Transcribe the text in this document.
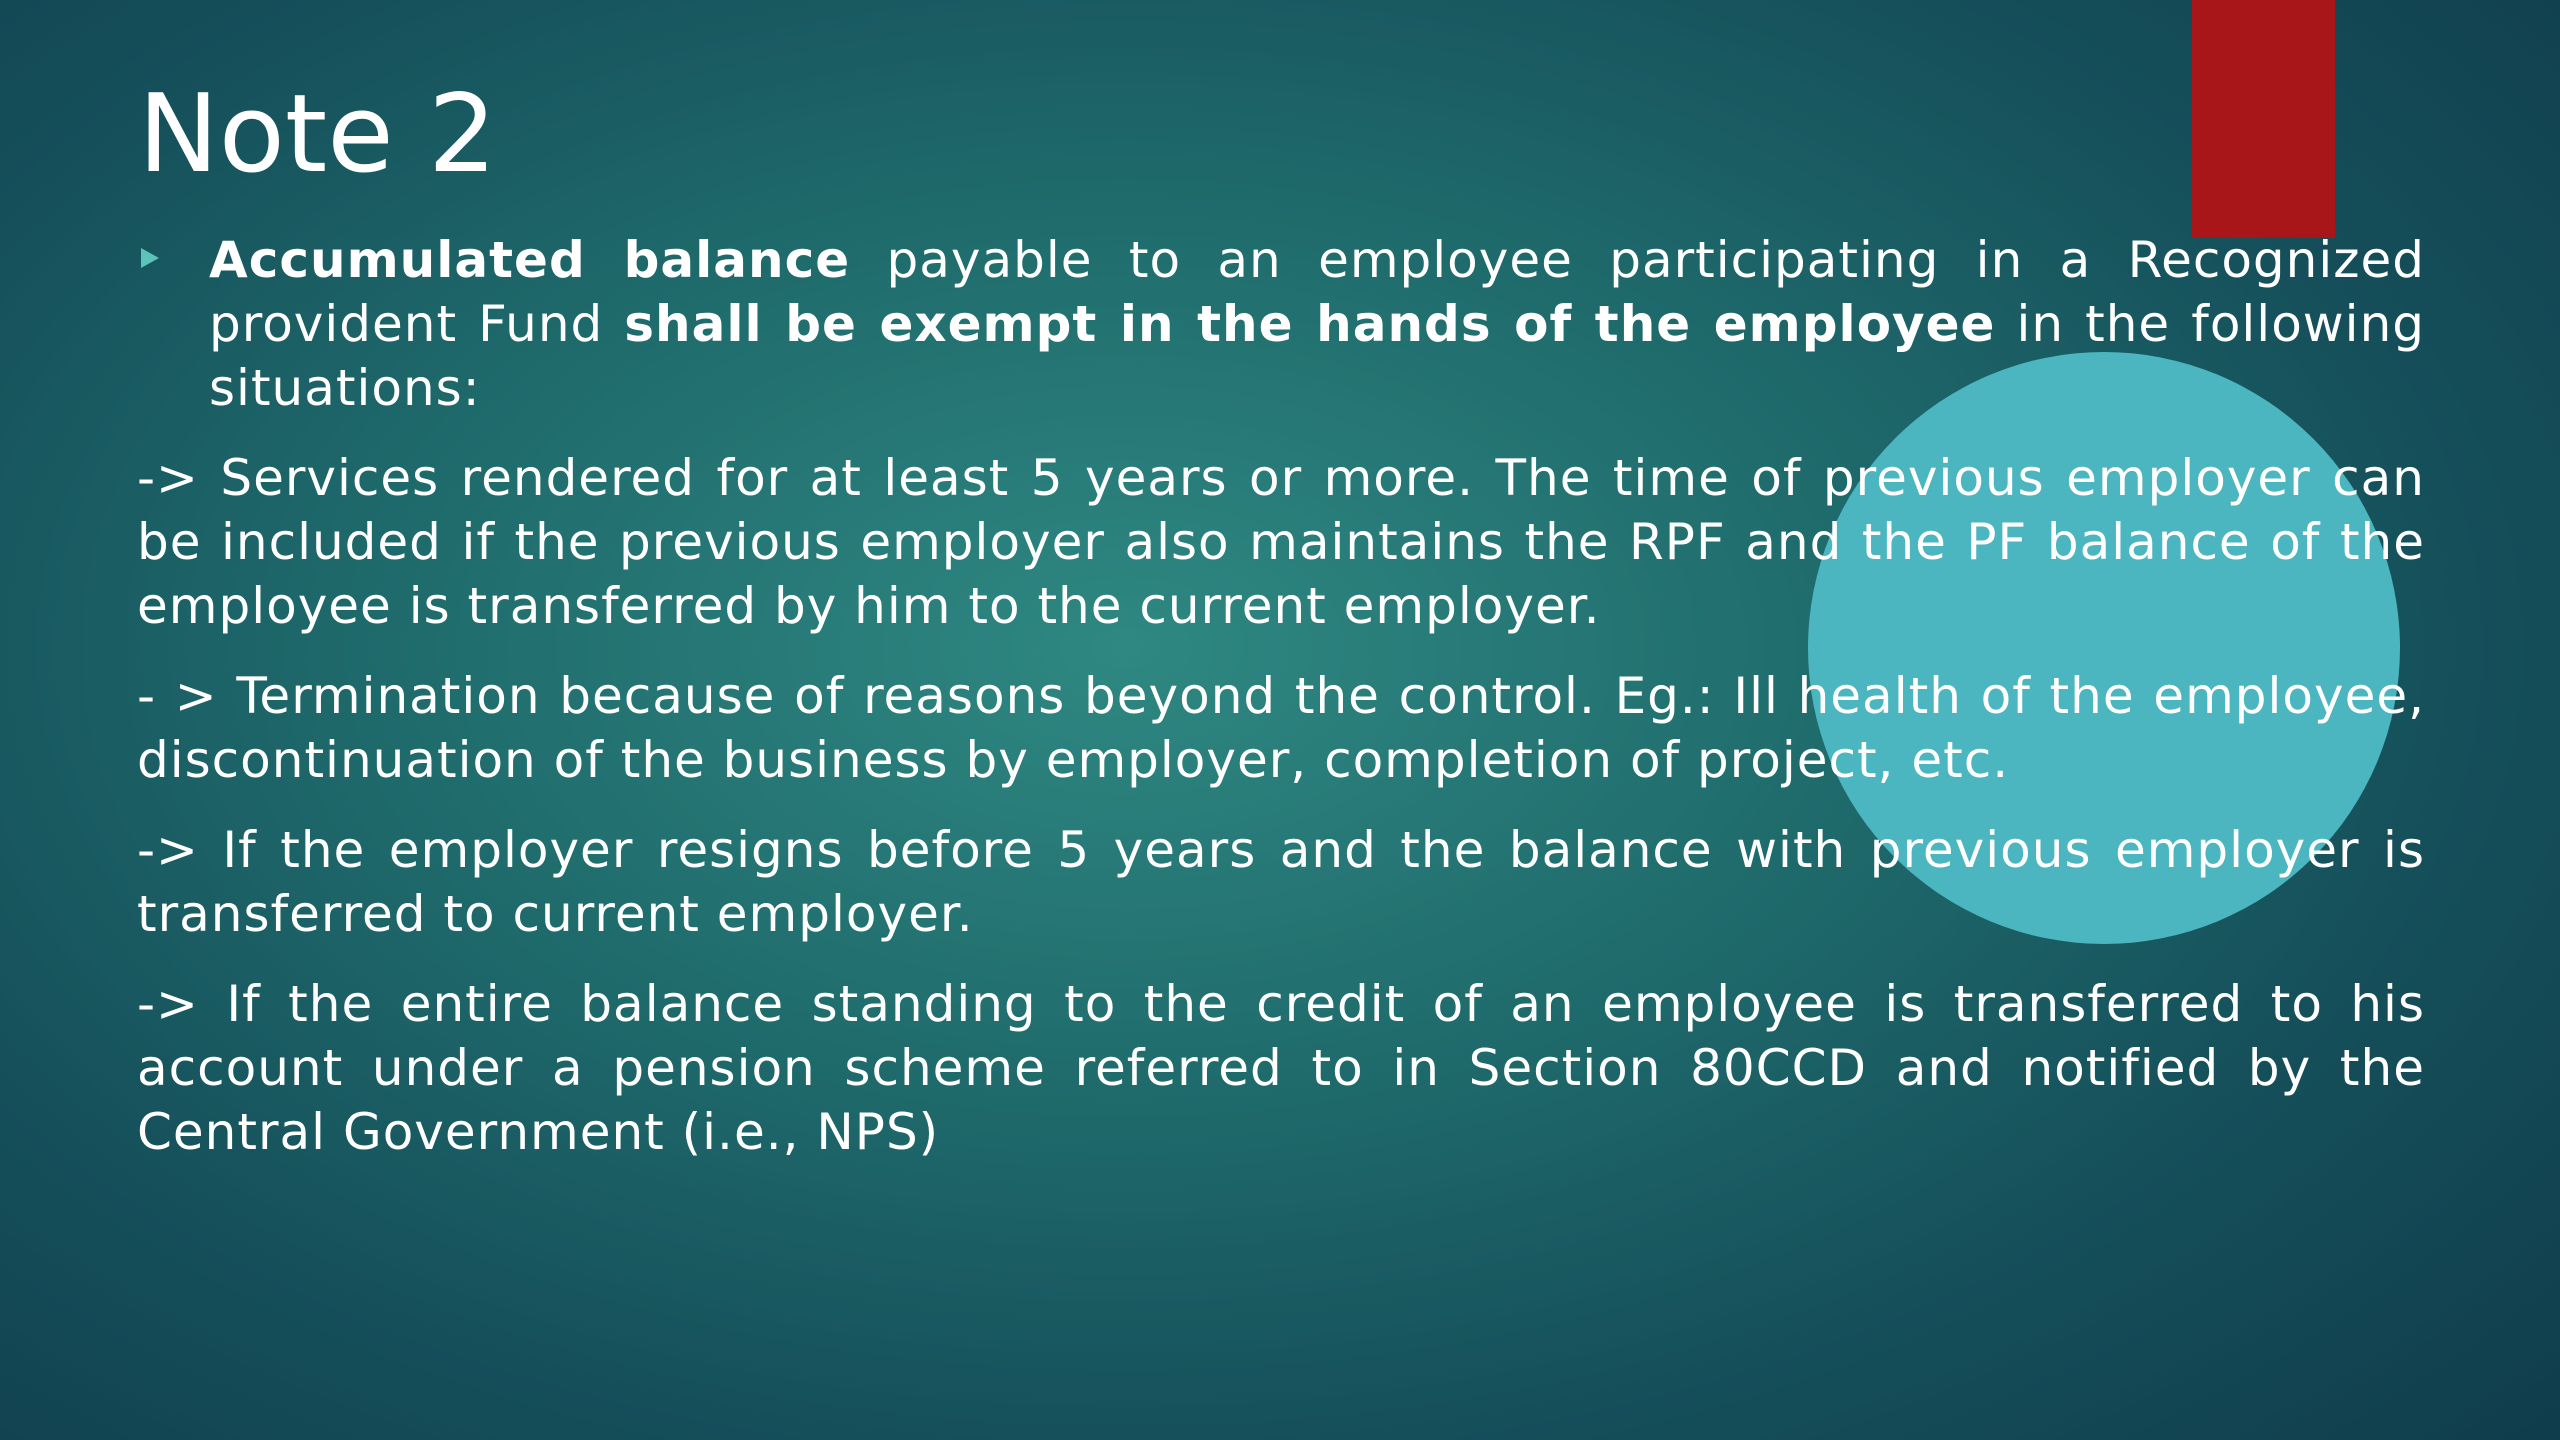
Note 2

Accumulated balance payable to an employee participating in a Recognized provident Fund shall be exempt in the hands of the employee in the following situations:

-> Services rendered for at least 5 years or more. The time of previous employer can be included if the previous employer also maintains the RPF and the PF balance of the employee is transferred by him to the current employer.

- > Termination because of reasons beyond the control. Eg.: Ill health of the employee, discontinuation of the business by employer, completion of project, etc.

-> If the employer resigns before 5 years and the balance with previous employer is transferred to current employer.

-> If the entire balance standing to the credit of an employee is transferred to his account under a pension scheme referred to in Section 80CCD and notified by the Central Government (i.e., NPS)
